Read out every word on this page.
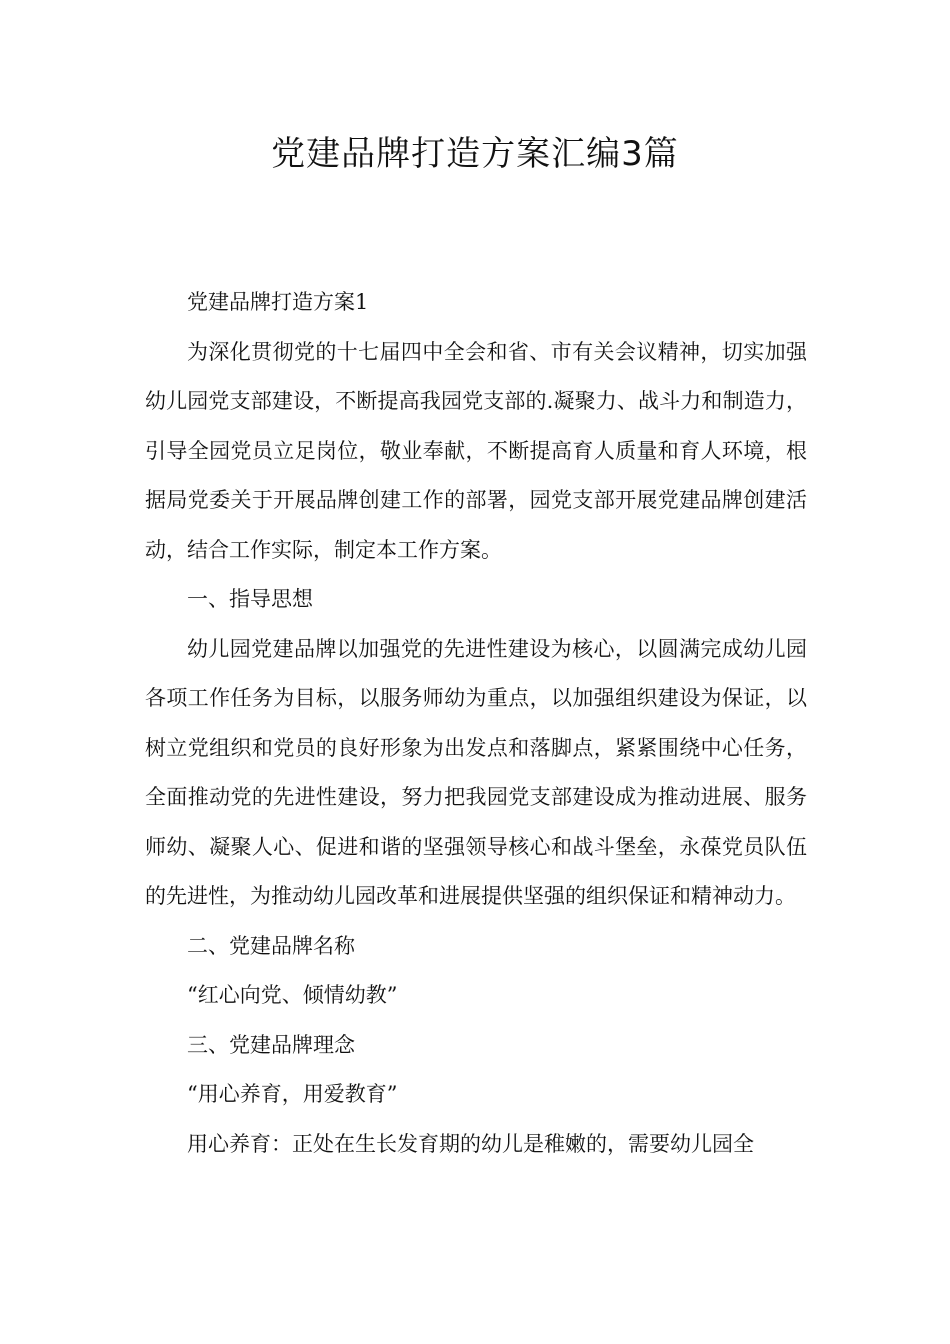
党建品牌打造方案汇编3篇

党建品牌打造方案1

为深化贯彻党的十七届四中全会和省、市有关会议精神，切实加强幼儿园党支部建设，不断提高我园党支部的.凝聚力、战斗力和制造力，引导全园党员立足岗位，敬业奉献，不断提高育人质量和育人环境，根据局党委关于开展品牌创建工作的部署，园党支部开展党建品牌创建活动，结合工作实际，制定本工作方案。

一、指导思想

幼儿园党建品牌以加强党的先进性建设为核心，以圆满完成幼儿园各项工作任务为目标，以服务师幼为重点，以加强组织建设为保证，以树立党组织和党员的良好形象为出发点和落脚点，紧紧围绕中心任务，全面推动党的先进性建设，努力把我园党支部建设成为推动进展、服务师幼、凝聚人心、促进和谐的坚强领导核心和战斗堡垒，永葆党员队伍的先进性，为推动幼儿园改革和进展提供坚强的组织保证和精神动力。

二、党建品牌名称

“红心向党、倾情幼教”

三、党建品牌理念

“用心养育，用爱教育”

用心养育：正处在生长发育期的幼儿是稚嫩的，需要幼儿园全
